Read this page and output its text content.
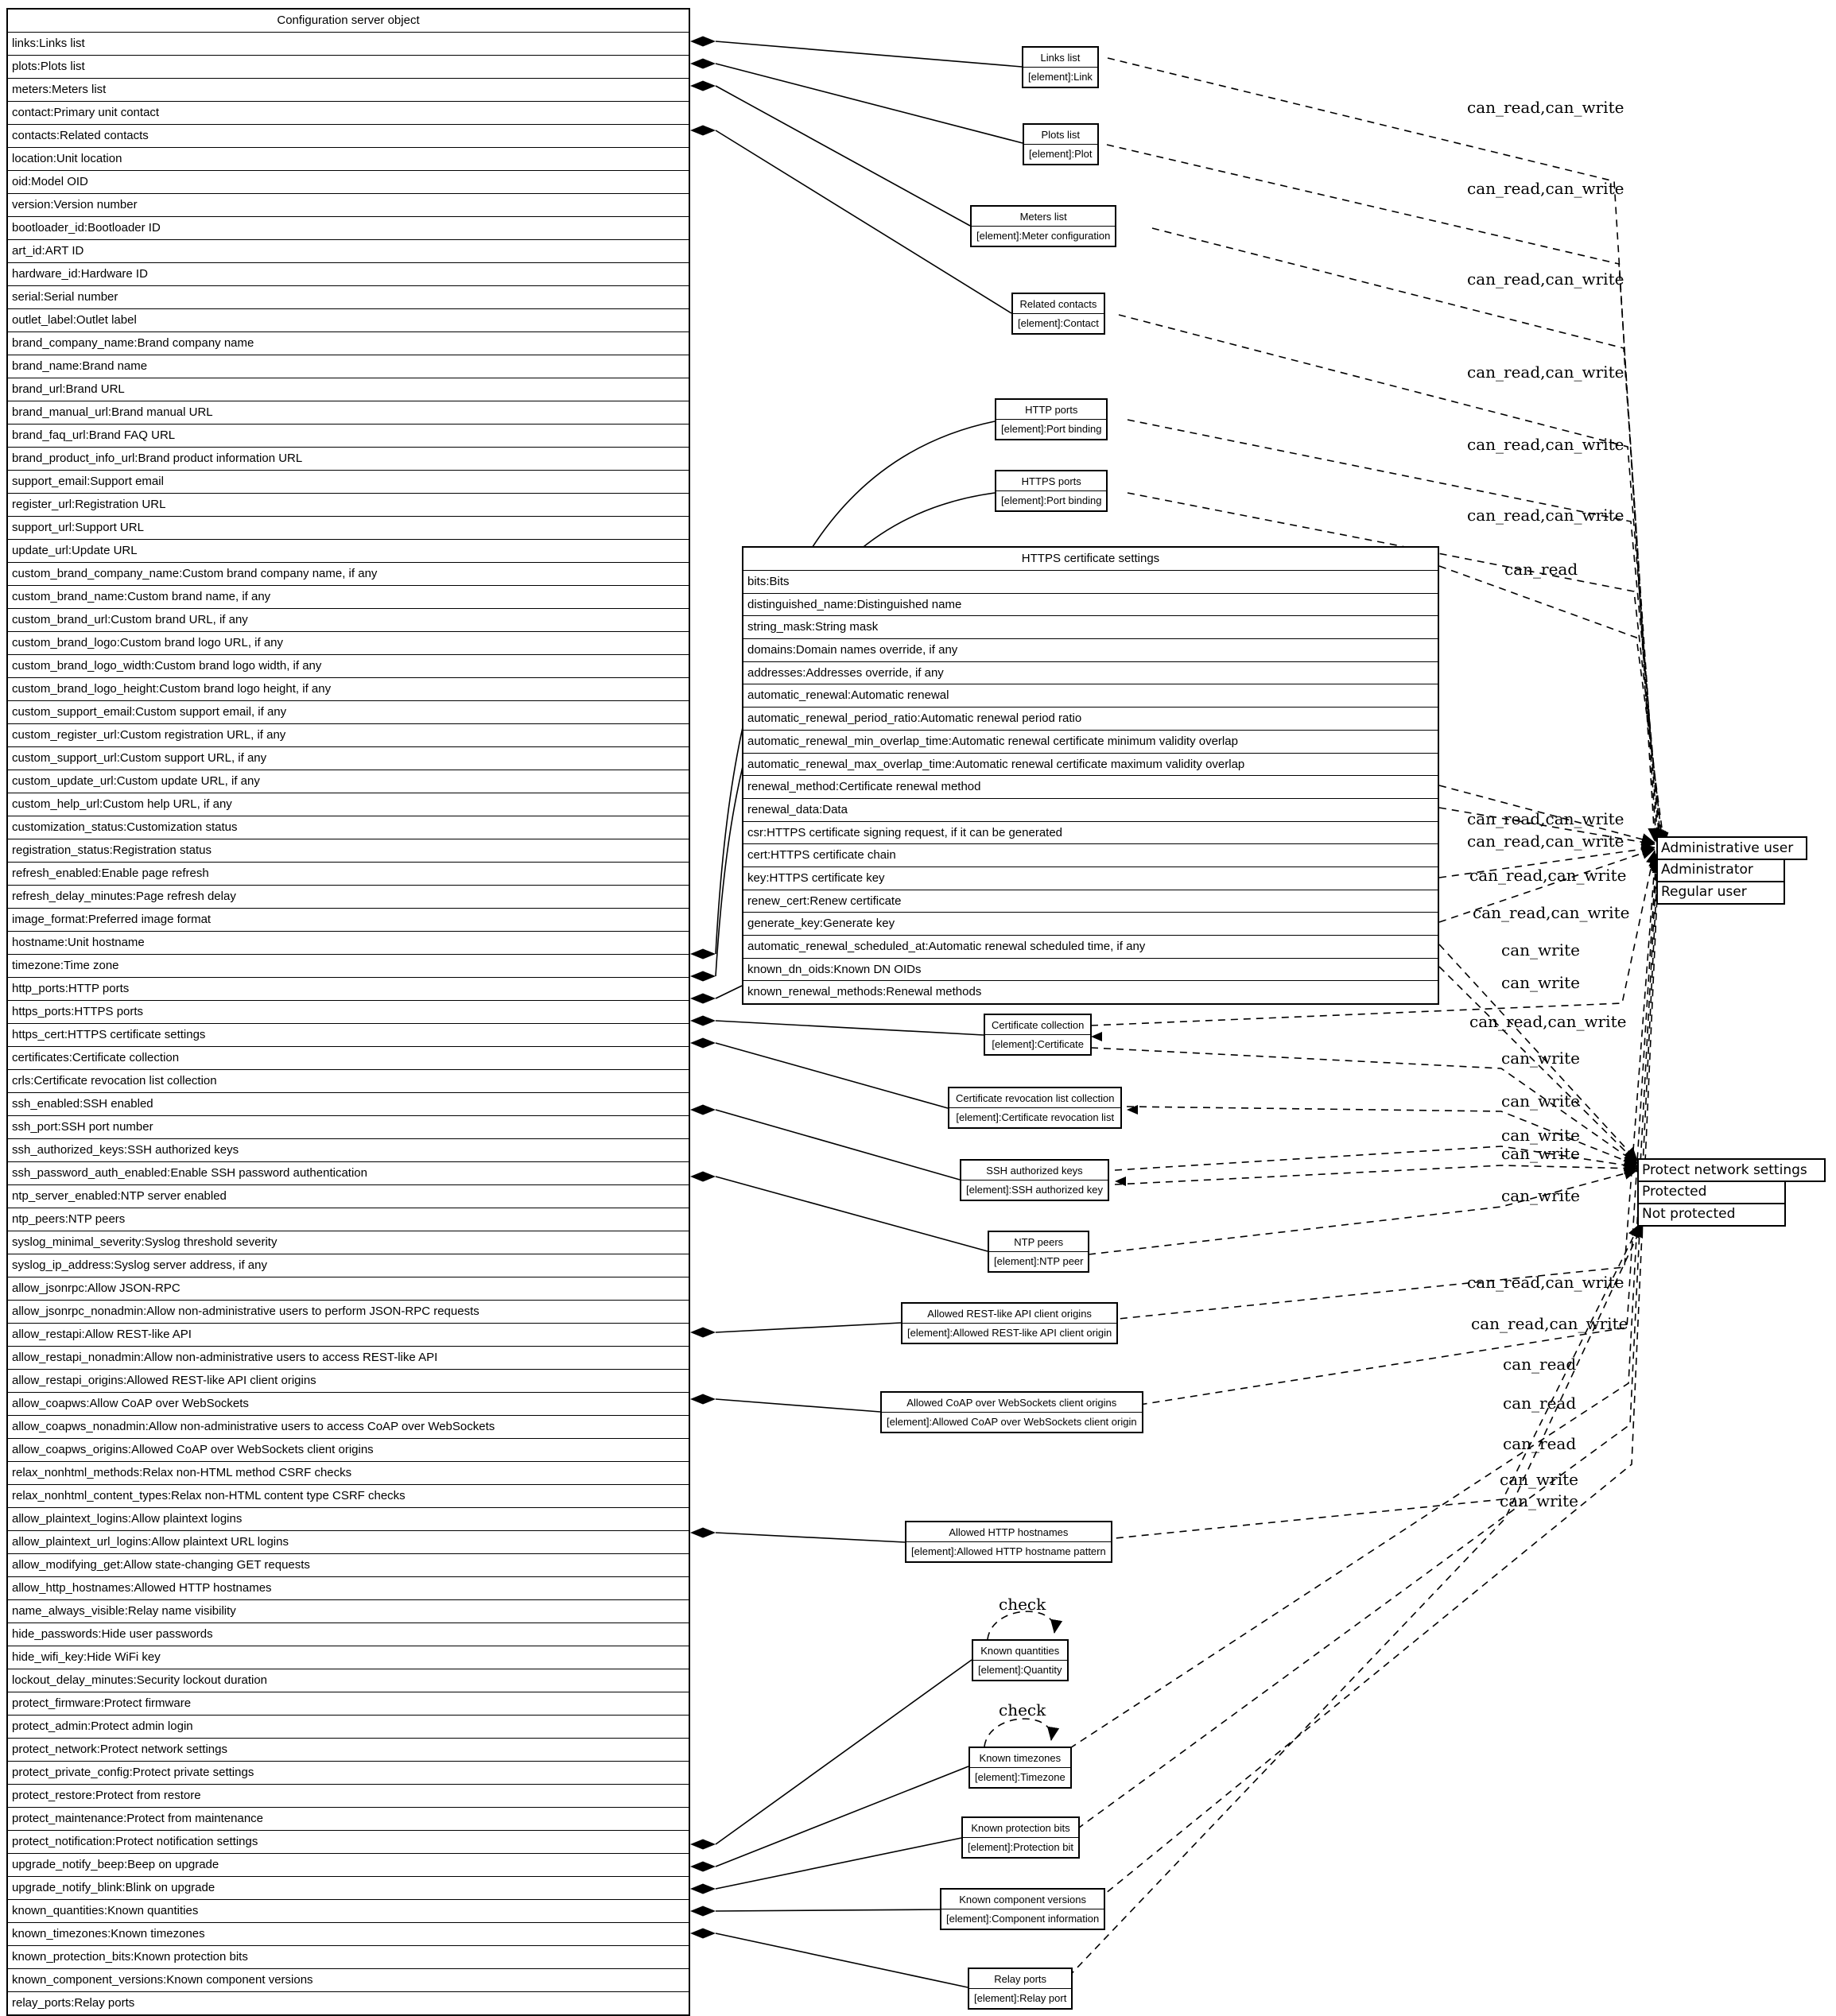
Configuration server object
links:Links list
plots:Plots list
meters:Meters list
contact:Primary unit contact
contacts:Related contacts
location:Unit location
oid:Model OID
version:Version number
bootloader_id:Bootloader ID
art_id:ART ID
hardware_id:Hardware ID
serial:Serial number
outlet_label:Outlet label
brand_company_name:Brand company name
brand_name:Brand name
brand_url:Brand URL
brand_manual_url:Brand manual URL
brand_faq_url:Brand FAQ URL
brand_product_info_url:Brand product information URL
support_email:Support email
register_url:Registration URL
support_url:Support URL
update_url:Update URL
custom_brand_company_name:Custom brand company name, if any
custom_brand_name:Custom brand name, if any
custom_brand_url:Custom brand URL, if any
custom_brand_logo:Custom brand logo URL, if any
custom_brand_logo_width:Custom brand logo width, if any
custom_brand_logo_height:Custom brand logo height, if any
custom_support_email:Custom support email, if any
custom_register_url:Custom registration URL, if any
custom_support_url:Custom support URL, if any
custom_update_url:Custom update URL, if any
custom_help_url:Custom help URL, if any
customization_status:Customization status
registration_status:Registration status
refresh_enabled:Enable page refresh
refresh_delay_minutes:Page refresh delay
image_format:Preferred image format
hostname:Unit hostname
timezone:Time zone
http_ports:HTTP ports
https_ports:HTTPS ports
https_cert:HTTPS certificate settings
certificates:Certificate collection
crls:Certificate revocation list collection
ssh_enabled:SSH enabled
ssh_port:SSH port number
ssh_authorized_keys:SSH authorized keys
ssh_password_auth_enabled:Enable SSH password authentication
ntp_server_enabled:NTP server enabled
ntp_peers:NTP peers
syslog_minimal_severity:Syslog threshold severity
syslog_ip_address:Syslog server address, if any
allow_jsonrpc:Allow JSON-RPC
allow_jsonrpc_nonadmin:Allow non-administrative users to perform JSON-RPC requests
allow_restapi:Allow REST-like API
allow_restapi_nonadmin:Allow non-administrative users to access REST-like API
allow_restapi_origins:Allowed REST-like API client origins
allow_coapws:Allow CoAP over WebSockets
allow_coapws_nonadmin:Allow non-administrative users to access CoAP over WebSockets
allow_coapws_origins:Allowed CoAP over WebSockets client origins
relax_nonhtml_methods:Relax non-HTML method CSRF checks
relax_nonhtml_content_types:Relax non-HTML content type CSRF checks
allow_plaintext_logins:Allow plaintext logins
allow_plaintext_url_logins:Allow plaintext URL logins
allow_modifying_get:Allow state-changing GET requests
allow_http_hostnames:Allowed HTTP hostnames
name_always_visible:Relay name visibility
hide_passwords:Hide user passwords
hide_wifi_key:Hide WiFi key
lockout_delay_minutes:Security lockout duration
protect_firmware:Protect firmware
protect_admin:Protect admin login
protect_network:Protect network settings
protect_private_config:Protect private settings
protect_restore:Protect from restore
protect_maintenance:Protect from maintenance
protect_notification:Protect notification settings
upgrade_notify_beep:Beep on upgrade
upgrade_notify_blink:Blink on upgrade
known_quantities:Known quantities
known_timezones:Known timezones
known_protection_bits:Known protection bits
known_component_versions:Known component versions
relay_ports:Relay ports
HTTPS certificate settings
bits:Bits
distinguished_name:Distinguished name
string_mask:String mask
domains:Domain names override, if any
addresses:Addresses override, if any
automatic_renewal:Automatic renewal
automatic_renewal_period_ratio:Automatic renewal period ratio
automatic_renewal_min_overlap_time:Automatic renewal certificate minimum validity overlap
automatic_renewal_max_overlap_time:Automatic renewal certificate maximum validity overlap
renewal_method:Certificate renewal method
renewal_data:Data
csr:HTTPS certificate signing request, if it can be generated
cert:HTTPS certificate chain
key:HTTPS certificate key
renew_cert:Renew certificate
generate_key:Generate key
automatic_renewal_scheduled_at:Automatic renewal scheduled time, if any
known_dn_oids:Known DN OIDs
known_renewal_methods:Renewal methods
Links list
[element]:Link
Plots list
[element]:Plot
Meters list
[element]:Meter configuration
Related contacts
[element]:Contact
HTTP ports
[element]:Port binding
HTTPS ports
[element]:Port binding
Certificate collection
[element]:Certificate
Certificate revocation list collection
[element]:Certificate revocation list
SSH authorized keys
[element]:SSH authorized key
NTP peers
[element]:NTP peer
Allowed REST-like API client origins
[element]:Allowed REST-like API client origin
Allowed CoAP over WebSockets client origins
[element]:Allowed CoAP over WebSockets client origin
Allowed HTTP hostnames
[element]:Allowed HTTP hostname pattern
Known quantities
[element]:Quantity
Known timezones
[element]:Timezone
Known protection bits
[element]:Protection bit
Known component versions
[element]:Component information
Relay ports
[element]:Relay port
Administrative user
Administrator
Regular user
Protect network settings
Protected
Not protected
can_read,can_write
can_read,can_write
can_read,can_write
can_read,can_write
can_read,can_write
can_read,can_write
can_read
can_read,can_write
can_read,can_write
can_read,can_write
can_read,can_write
can_write
can_write
can_read,can_write
can_write
can_write
can_write
can_write
can_write
can_read,can_write
can_read,can_write
can_read
can_read
can_read
can_write
can_write
check
check
